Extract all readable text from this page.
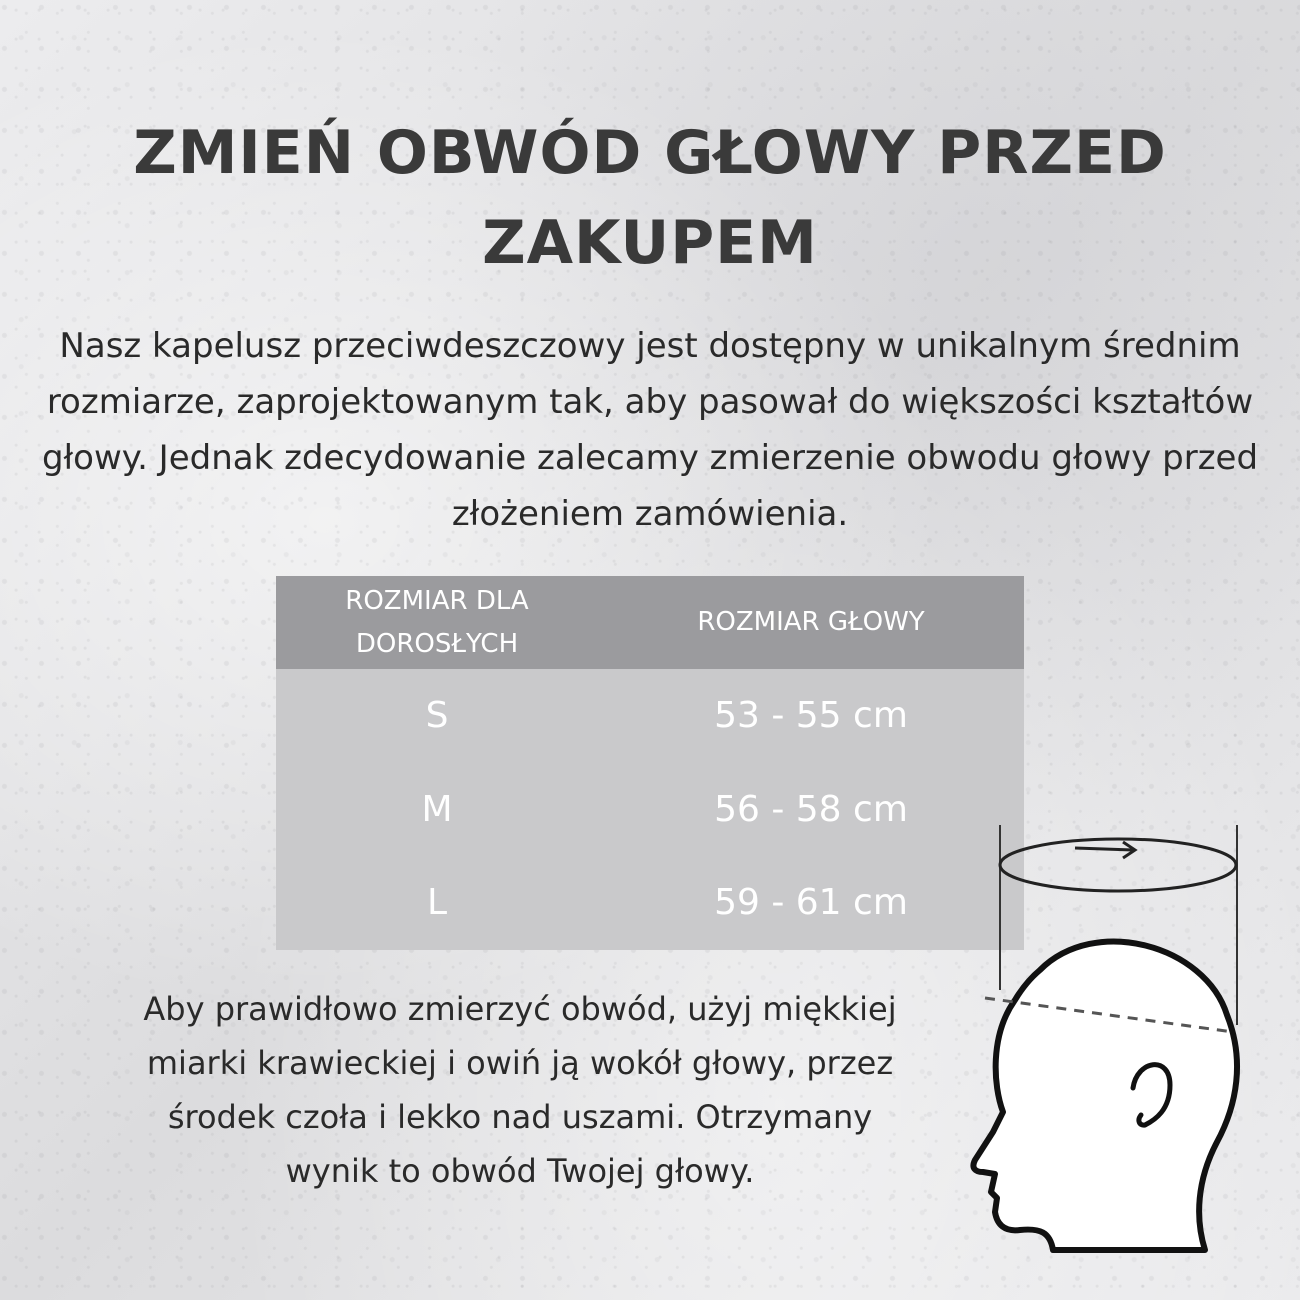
ZMIEŃ OBWÓD GŁOWY PRZED ZAKUPEM
Nasz kapelusz przeciwdeszczowy jest dostępny w unikalnym średnim rozmiarze, zaprojektowanym tak, aby pasował do większości kształtów głowy. Jednak zdecydowanie zalecamy zmierzenie obwodu głowy przed złożeniem zamówienia.
ROZMIAR DLA DOROSŁYCH
ROZMIAR GŁOWY
S	53 - 55 cm
M	56 - 58 cm
L	59 - 61 cm
Aby prawidłowo zmierzyć obwód, użyj miękkiej miarki krawieckiej i owiń ją wokół głowy, przez środek czoła i lekko nad uszami. Otrzymany wynik to obwód Twojej głowy.
